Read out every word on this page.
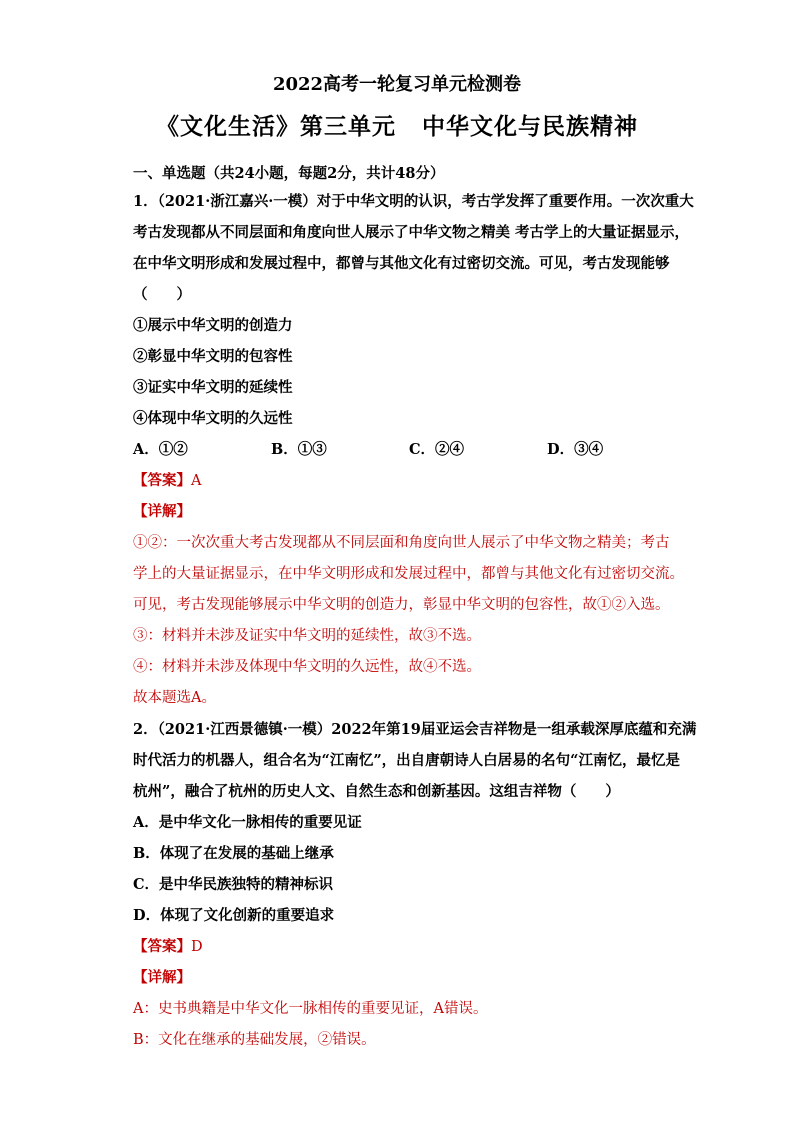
2022高考一轮复习单元检测卷
《文化生活》第三单元 中华文化与民族精神
一、单选题（共24小题，每题2分，共计48分）
1．（2021·浙江嘉兴·一模）对于中华文明的认识，考古学发挥了重要作用。一次次重大
考古发现都从不同层面和角度向世人展示了中华文物之精美 考古学上的大量证据显示，
在中华文明形成和发展过程中，都曾与其他文化有过密切交流。可见，考古发现能够
（　　）
①展示中华文明的创造力
②彰显中华文明的包容性
③证实中华文明的延续性
④体现中华文明的久远性
A．①②	B．①③	C．②④	D．③④
【答案】A
【详解】
①②：一次次重大考古发现都从不同层面和角度向世人展示了中华文物之精美；考古
学上的大量证据显示，在中华文明形成和发展过程中，都曾与其他文化有过密切交流。
可见，考古发现能够展示中华文明的创造力，彰显中华文明的包容性，故①②入选。
③：材料并未涉及证实中华文明的延续性，故③不选。
④：材料并未涉及体现中华文明的久远性，故④不选。
故本题选A。
2．（2021·江西景德镇·一模）2022年第19届亚运会吉祥物是一组承载深厚底蕴和充满
时代活力的机器人，组合名为“江南忆”，出自唐朝诗人白居易的名句“江南忆，最忆是
杭州”，融合了杭州的历史人文、自然生态和创新基因。这组吉祥物（　　）
A．是中华文化一脉相传的重要见证
B．体现了在发展的基础上继承
C．是中华民族独特的精神标识
D．体现了文化创新的重要追求
【答案】D
【详解】
A：史书典籍是中华文化一脉相传的重要见证，A错误。
B：文化在继承的基础发展，②错误。
